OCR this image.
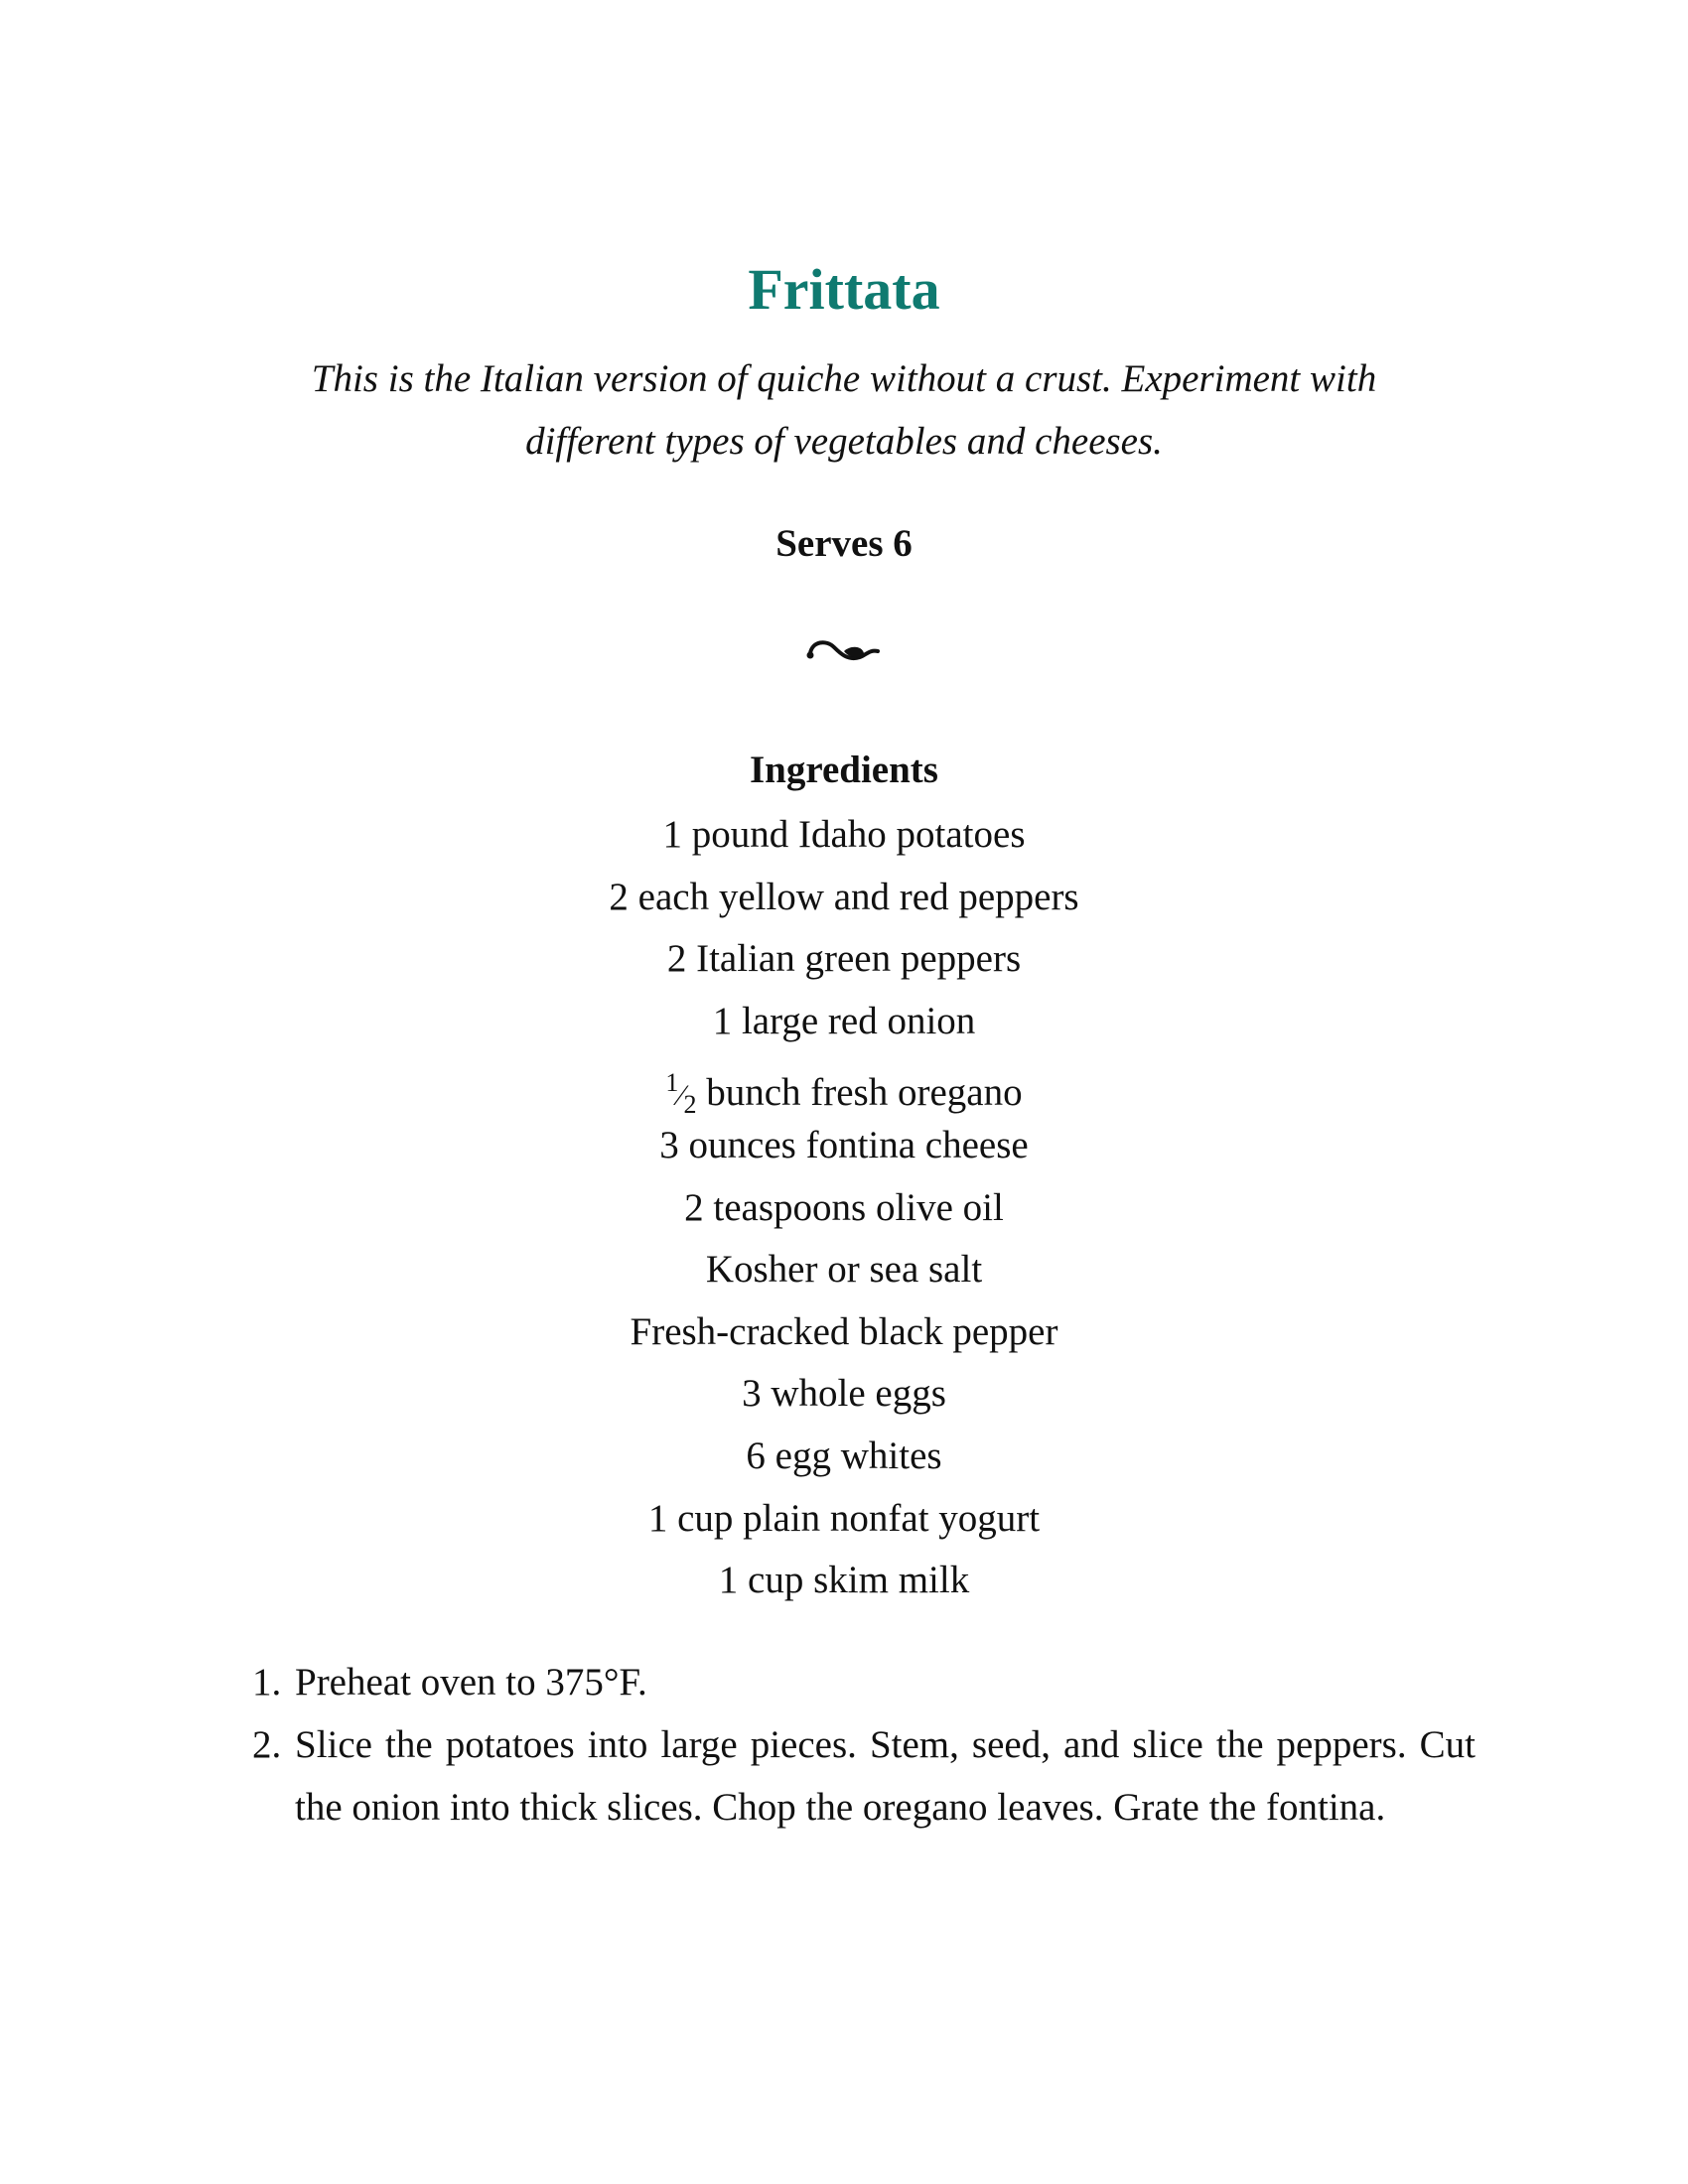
Frittata

This is the Italian version of quiche without a crust. Experiment with different types of vegetables and cheeses.

Serves 6

Ingredients
1 pound Idaho potatoes
2 each yellow and red peppers
2 Italian green peppers
1 large red onion
$^1⁄_2$ bunch fresh oregano
3 ounces fontina cheese
2 teaspoons olive oil
Kosher or sea salt
Fresh-cracked black pepper
3 whole eggs
6 egg whites
1 cup plain nonfat yogurt
1 cup skim milk
1. Preheat oven to 375°F.
2. Slice the potatoes into large pieces. Stem, seed, and slice the peppers. Cut the onion into thick slices. Chop the oregano leaves. Grate the fontina.
